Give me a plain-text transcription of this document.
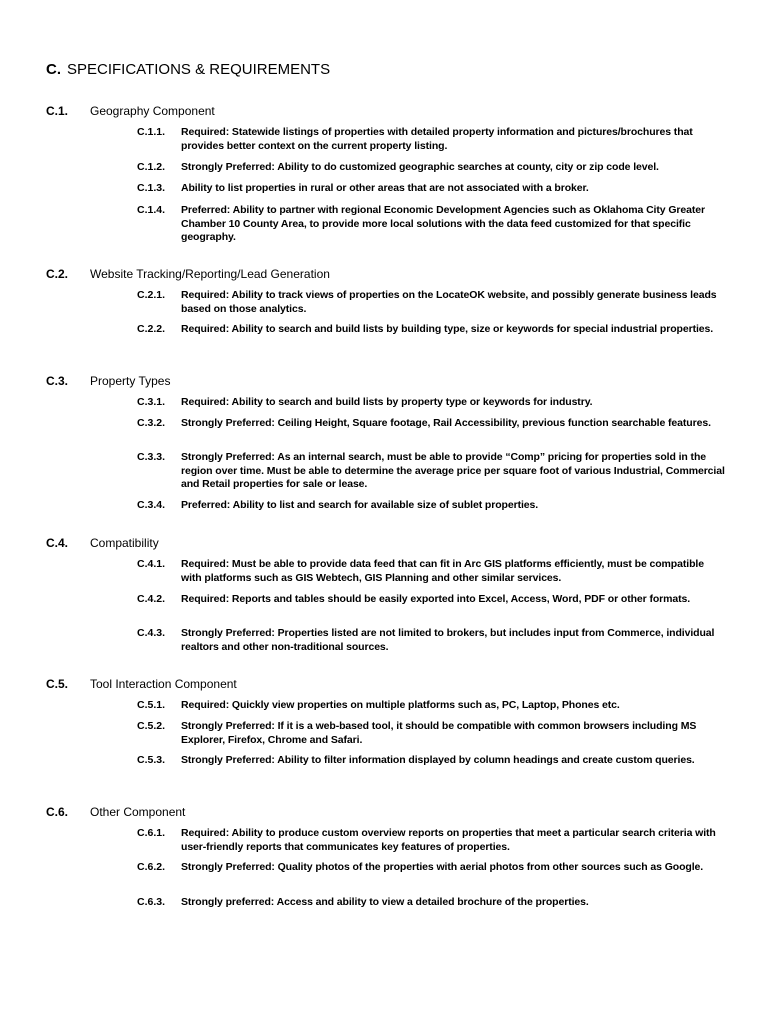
C. SPECIFICATIONS & REQUIREMENTS
C.1. Geography Component
C.1.1. Required: Statewide listings of properties with detailed property information and pictures/brochures that provides better context on the current property listing.
C.1.2. Strongly Preferred: Ability to do customized geographic searches at county, city or zip code level.
C.1.3. Ability to list properties in rural or other areas that are not associated with a broker.
C.1.4. Preferred: Ability to partner with regional Economic Development Agencies such as Oklahoma City Greater Chamber 10 County Area, to provide more local solutions with the data feed customized for that specific geography.
C.2. Website Tracking/Reporting/Lead Generation
C.2.1. Required: Ability to track views of properties on the LocateOK website, and possibly generate business leads based on those analytics.
C.2.2. Required: Ability to search and build lists by building type, size or keywords for special industrial properties.
C.3. Property Types
C.3.1. Required: Ability to search and build lists by property type or keywords for industry.
C.3.2. Strongly Preferred: Ceiling Height, Square footage, Rail Accessibility, previous function searchable features.
C.3.3. Strongly Preferred: As an internal search, must be able to provide “Comp” pricing for properties sold in the region over time. Must be able to determine the average price per square foot of various Industrial, Commercial and Retail properties for sale or lease.
C.3.4. Preferred: Ability to list and search for available size of sublet properties.
C.4. Compatibility
C.4.1. Required: Must be able to provide data feed that can fit in Arc GIS platforms efficiently, must be compatible with platforms such as GIS Webtech, GIS Planning and other similar services.
C.4.2. Required: Reports and tables should be easily exported into Excel, Access, Word, PDF or other formats.
C.4.3. Strongly Preferred: Properties listed are not limited to brokers, but includes input from Commerce, individual realtors and other non-traditional sources.
C.5. Tool Interaction Component
C.5.1. Required: Quickly view properties on multiple platforms such as, PC, Laptop, Phones etc.
C.5.2. Strongly Preferred: If it is a web-based tool, it should be compatible with common browsers including MS Explorer, Firefox, Chrome and Safari.
C.5.3. Strongly Preferred: Ability to filter information displayed by column headings and create custom queries.
C.6. Other Component
C.6.1. Required: Ability to produce custom overview reports on properties that meet a particular search criteria with user-friendly reports that communicates key features of properties.
C.6.2. Strongly Preferred: Quality photos of the properties with aerial photos from other sources such as Google.
C.6.3. Strongly preferred: Access and ability to view a detailed brochure of the properties.
